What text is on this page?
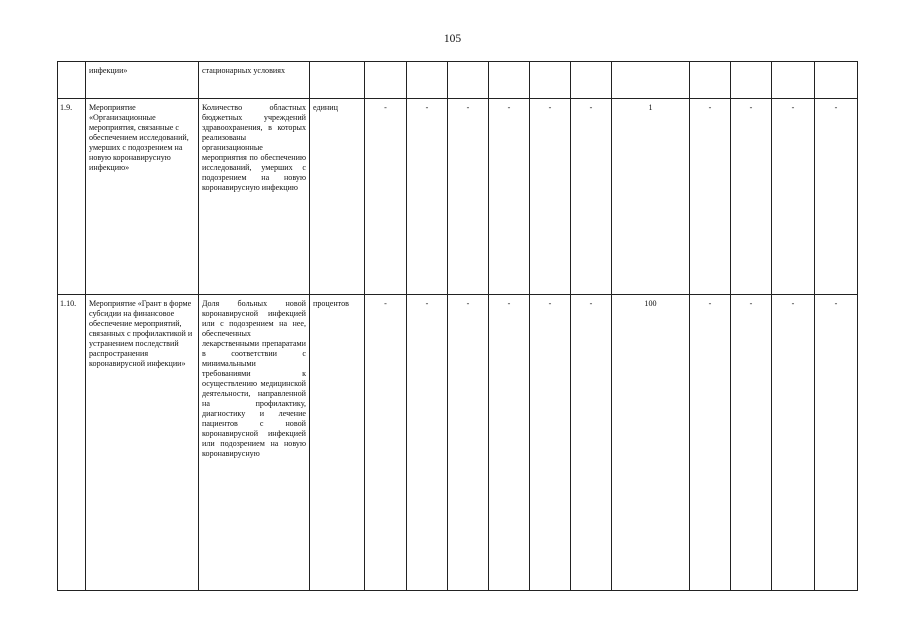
105
	инфекции»	стационарных условиях												
1.9.	Мероприятие «Организационные мероприятия, связанные с обеспечением исследований, умерших с подозрением на новую коронавирусную инфекцию»	Количество областных бюджетных учреждений здравоохранения, в которых реализованы организационные мероприятия по обеспечению исследований, умерших с подозрением на новую коронавирусную инфекцию	единиц	-	-	-	-	-	-	1	-	-	-	-
1.10.	Мероприятие «Грант в форме субсидии на финансовое обеспечение мероприятий, связанных с профилактикой и устранением последствий распространения коронавирусной инфекции»	Доля больных новой коронавирусной инфекцией или с подозрением на нее, обеспеченных лекарственными препаратами в соответствии с минимальными требованиями к осуществлению медицинской деятельности, направленной на профилактику, диагностику и лечение пациентов с новой коронавирусной инфекцией или подозрением на новую коронавирусную	процентов	-	-	-	-	-	-	100	-	-	-	-
